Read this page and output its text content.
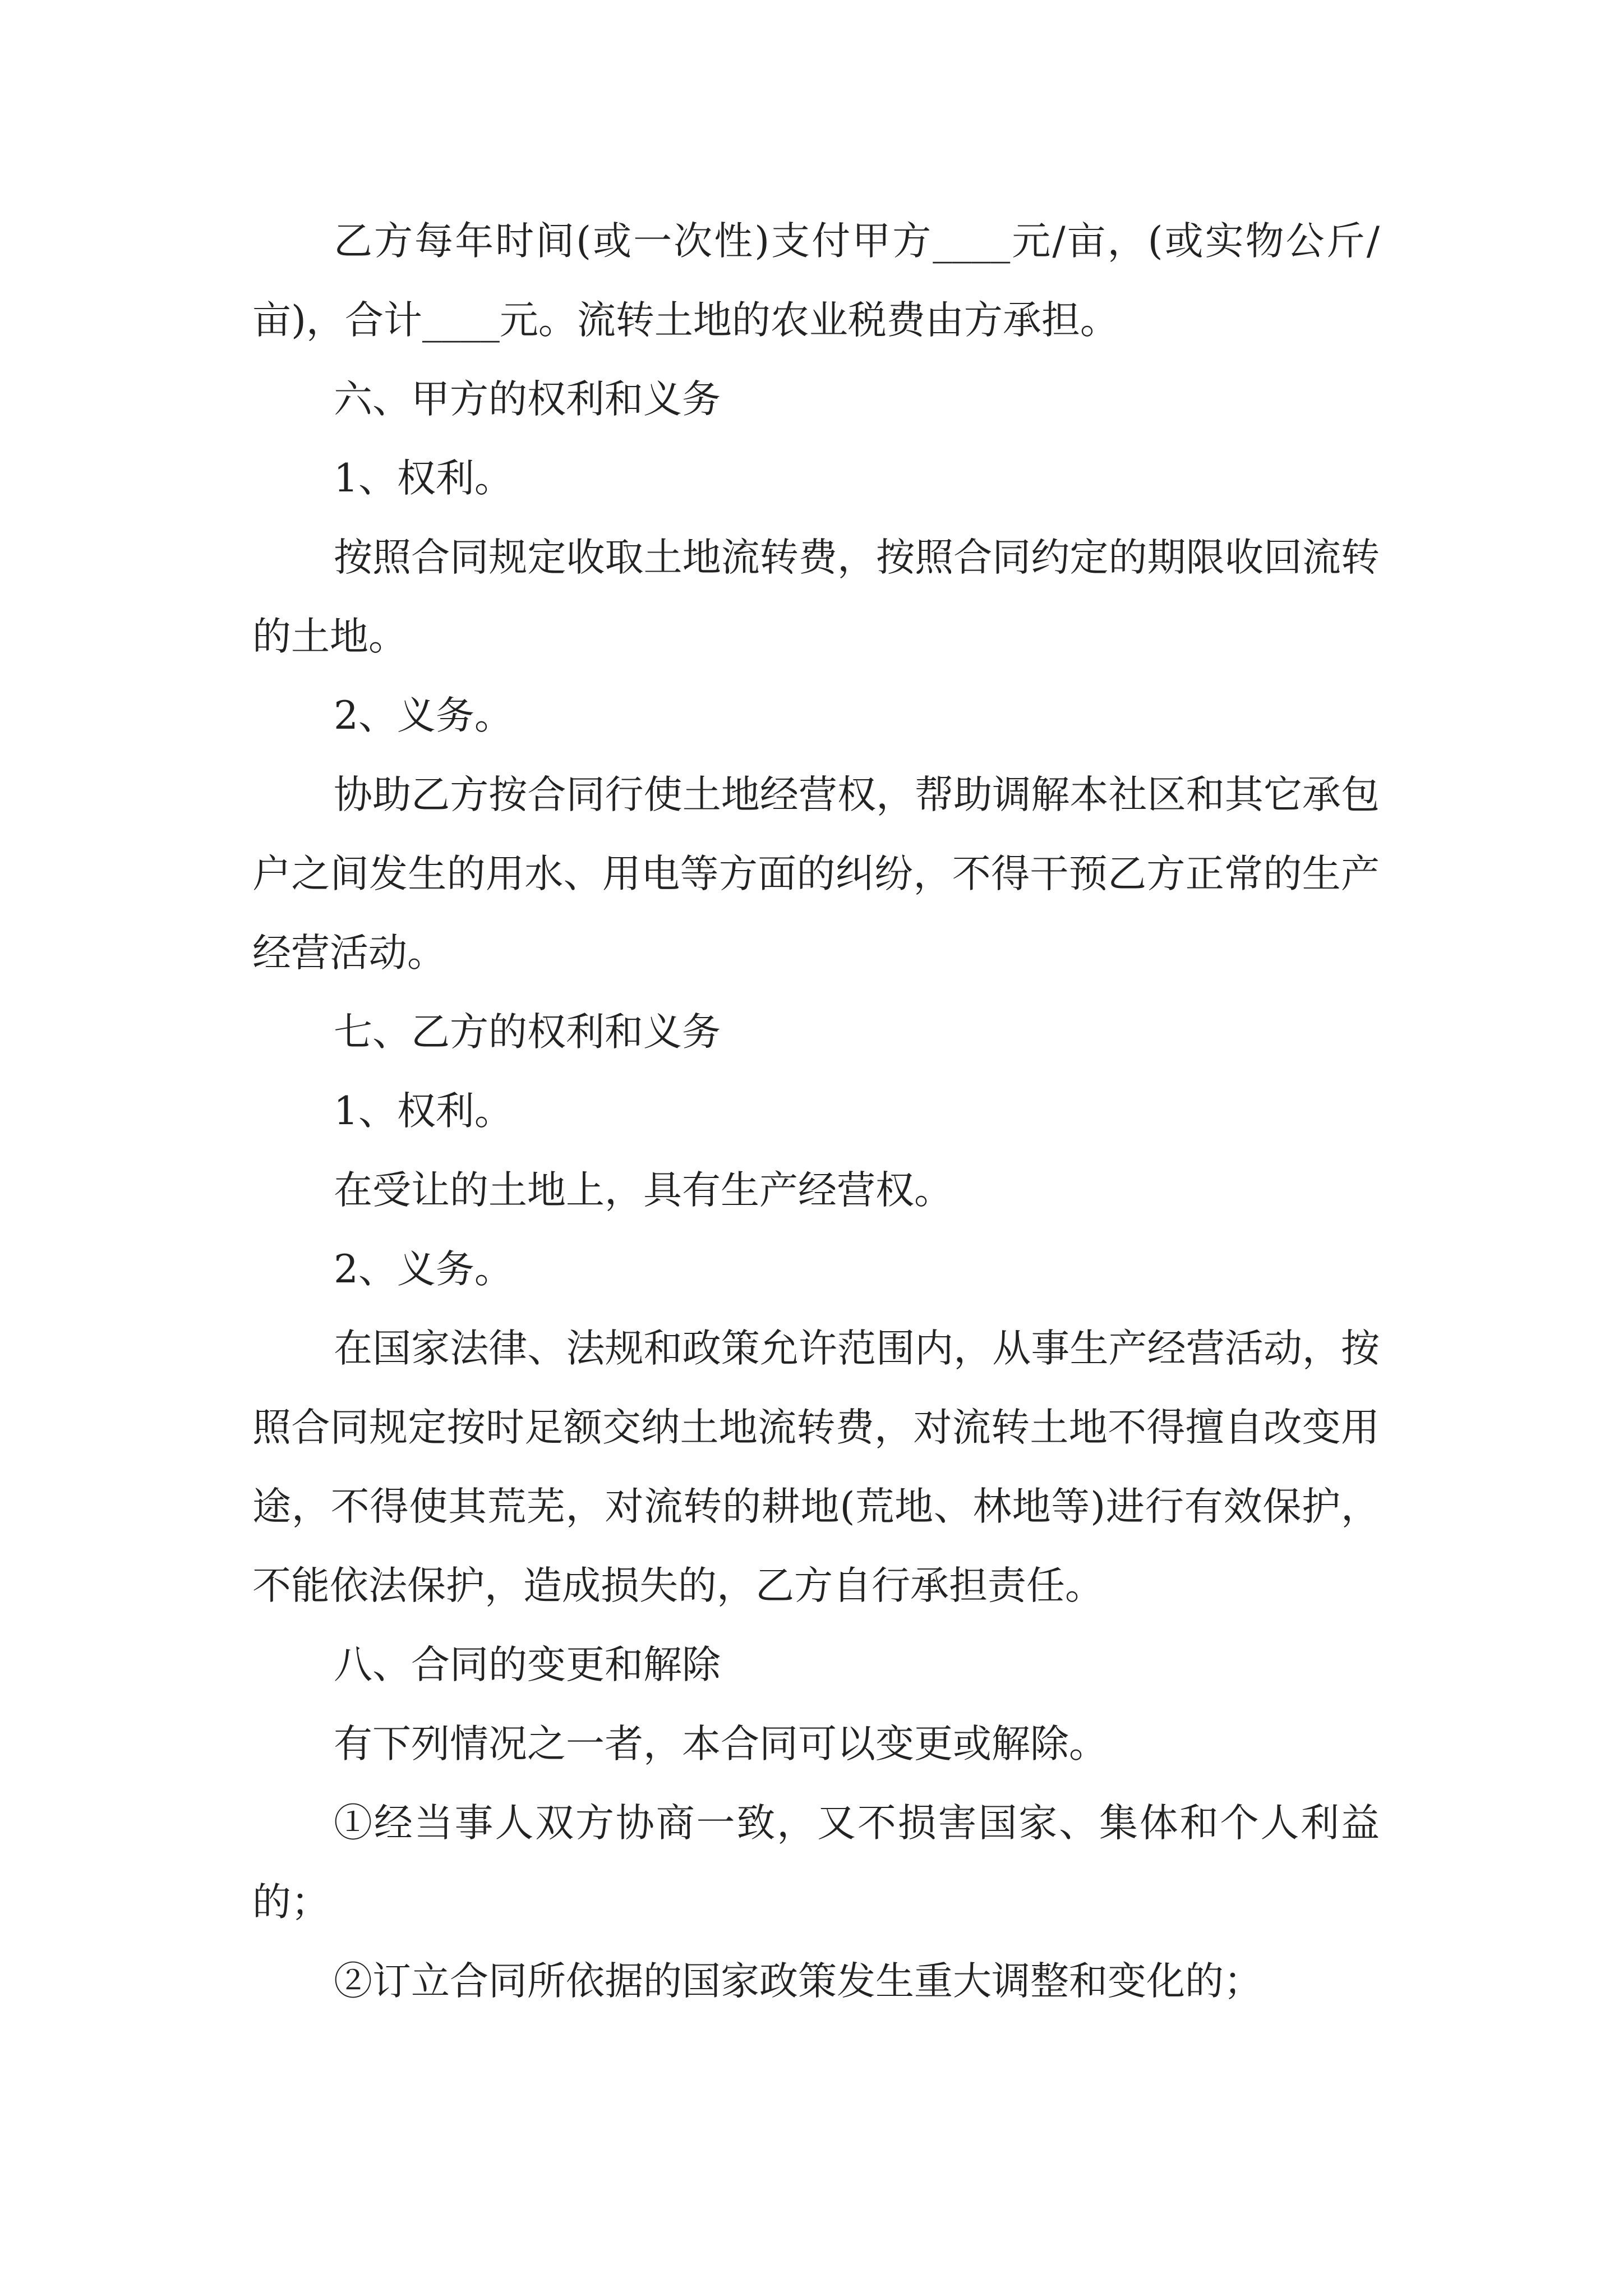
乙方每年时间(或一次性)支付甲方____元/亩，(或实物公斤/亩)，合计____元。流转土地的农业税费由方承担。

六、甲方的权利和义务

1、权利。

按照合同规定收取土地流转费，按照合同约定的期限收回流转的土地。

2、义务。

协助乙方按合同行使土地经营权，帮助调解本社区和其它承包户之间发生的用水、用电等方面的纠纷，不得干预乙方正常的生产经营活动。

七、乙方的权利和义务

1、权利。

在受让的土地上，具有生产经营权。

2、义务。

在国家法律、法规和政策允许范围内，从事生产经营活动，按照合同规定按时足额交纳土地流转费，对流转土地不得擅自改变用途，不得使其荒芜，对流转的耕地(荒地、林地等)进行有效保护，不能依法保护，造成损失的，乙方自行承担责任。

八、合同的变更和解除

有下列情况之一者，本合同可以变更或解除。

①经当事人双方协商一致，又不损害国家、集体和个人利益的；

②订立合同所依据的国家政策发生重大调整和变化的；
